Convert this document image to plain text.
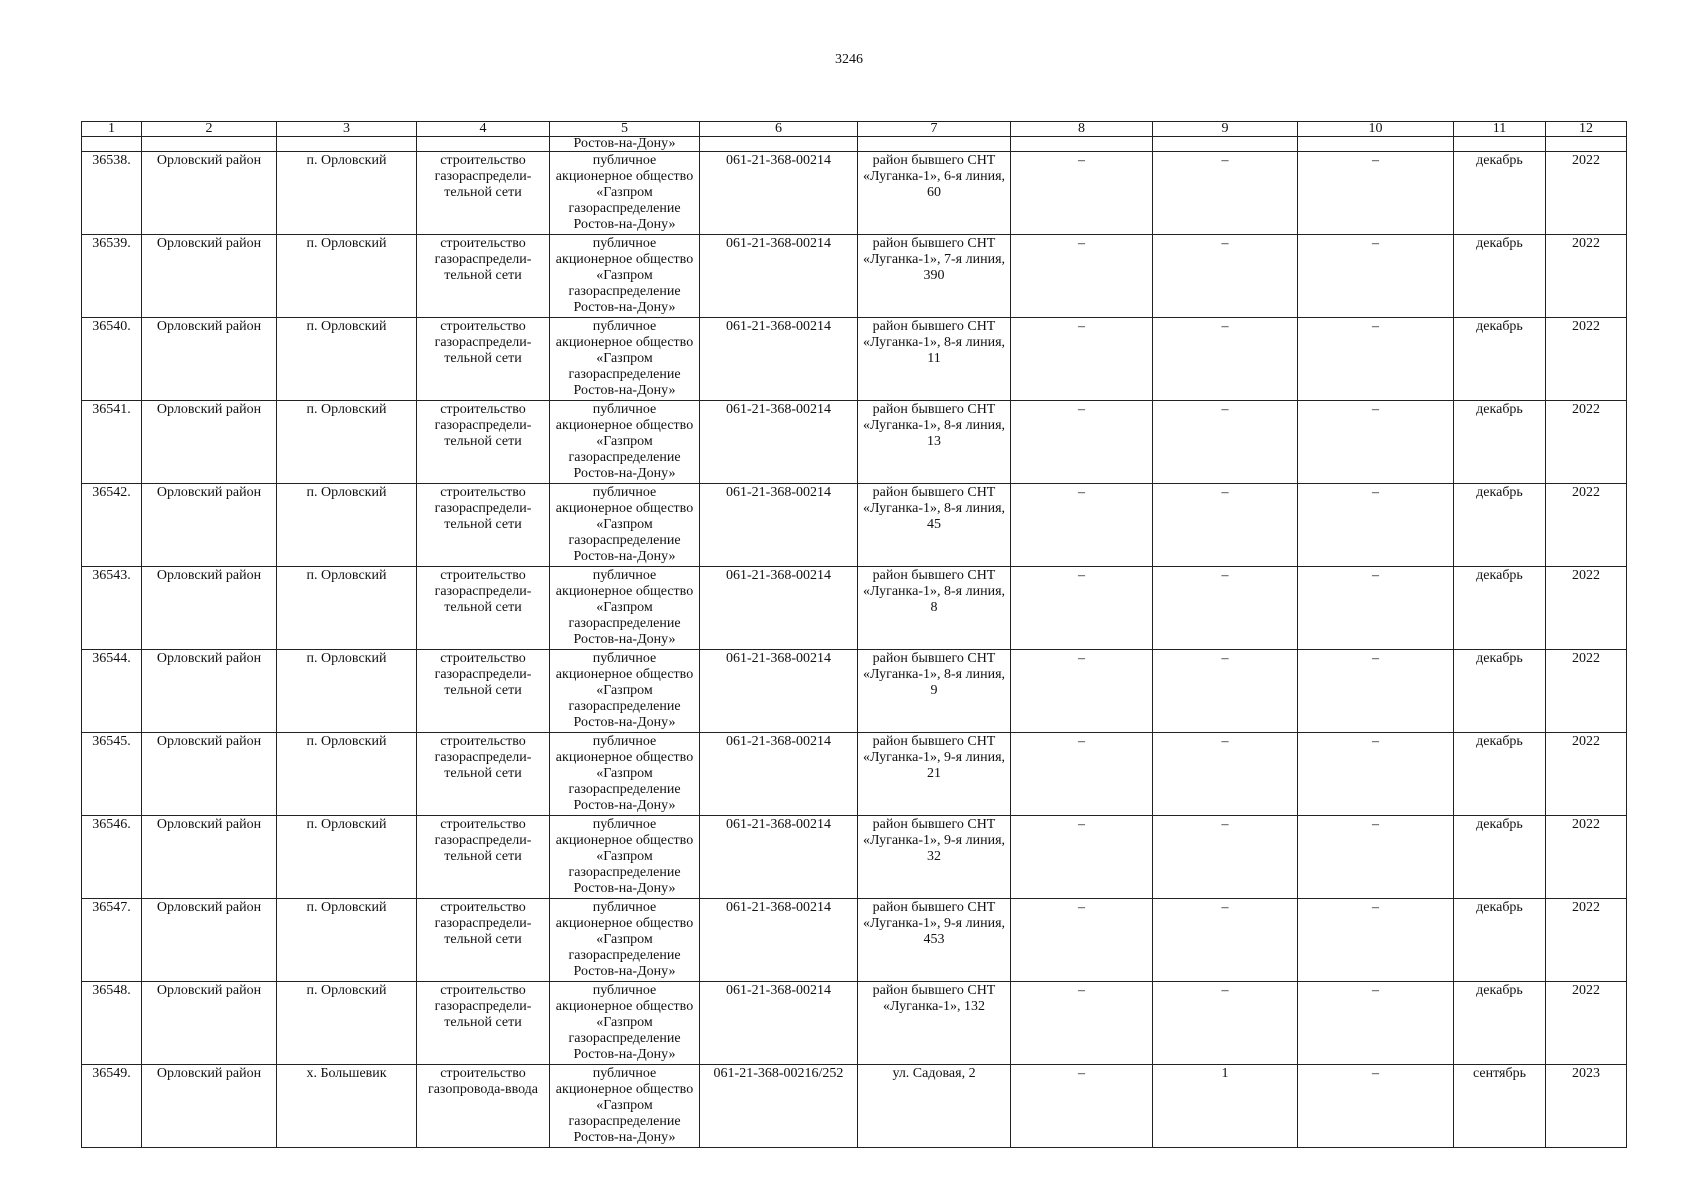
3246
1	2	3	4	5	6	7	8	9	10	11	12
				Ростов-на-Дону»							
36538.	Орловский район	п. Орловский	строительство газораспредели-тельной сети	публичное акционерное общество «Газпром газораспределение Ростов-на-Дону»	061-21-368-00214	район бывшего СНТ «Луганка-1», 6-я линия, 60	–	–	–	декабрь	2022
36539.	Орловский район	п. Орловский	строительство газораспредели-тельной сети	публичное акционерное общество «Газпром газораспределение Ростов-на-Дону»	061-21-368-00214	район бывшего СНТ «Луганка-1», 7-я линия, 390	–	–	–	декабрь	2022
36540.	Орловский район	п. Орловский	строительство газораспредели-тельной сети	публичное акционерное общество «Газпром газораспределение Ростов-на-Дону»	061-21-368-00214	район бывшего СНТ «Луганка-1», 8-я линия, 11	–	–	–	декабрь	2022
36541.	Орловский район	п. Орловский	строительство газораспредели-тельной сети	публичное акционерное общество «Газпром газораспределение Ростов-на-Дону»	061-21-368-00214	район бывшего СНТ «Луганка-1», 8-я линия, 13	–	–	–	декабрь	2022
36542.	Орловский район	п. Орловский	строительство газораспредели-тельной сети	публичное акционерное общество «Газпром газораспределение Ростов-на-Дону»	061-21-368-00214	район бывшего СНТ «Луганка-1», 8-я линия, 45	–	–	–	декабрь	2022
36543.	Орловский район	п. Орловский	строительство газораспредели-тельной сети	публичное акционерное общество «Газпром газораспределение Ростов-на-Дону»	061-21-368-00214	район бывшего СНТ «Луганка-1», 8-я линия, 8	–	–	–	декабрь	2022
36544.	Орловский район	п. Орловский	строительство газораспредели-тельной сети	публичное акционерное общество «Газпром газораспределение Ростов-на-Дону»	061-21-368-00214	район бывшего СНТ «Луганка-1», 8-я линия, 9	–	–	–	декабрь	2022
36545.	Орловский район	п. Орловский	строительство газораспредели-тельной сети	публичное акционерное общество «Газпром газораспределение Ростов-на-Дону»	061-21-368-00214	район бывшего СНТ «Луганка-1», 9-я линия, 21	–	–	–	декабрь	2022
36546.	Орловский район	п. Орловский	строительство газораспредели-тельной сети	публичное акционерное общество «Газпром газораспределение Ростов-на-Дону»	061-21-368-00214	район бывшего СНТ «Луганка-1», 9-я линия, 32	–	–	–	декабрь	2022
36547.	Орловский район	п. Орловский	строительство газораспредели-тельной сети	публичное акционерное общество «Газпром газораспределение Ростов-на-Дону»	061-21-368-00214	район бывшего СНТ «Луганка-1», 9-я линия, 453	–	–	–	декабрь	2022
36548.	Орловский район	п. Орловский	строительство газораспредели-тельной сети	публичное акционерное общество «Газпром газораспределение Ростов-на-Дону»	061-21-368-00214	район бывшего СНТ «Луганка-1», 132	–	–	–	декабрь	2022
36549.	Орловский район	х. Большевик	строительство газопровода-ввода	публичное акционерное общество «Газпром газораспределение Ростов-на-Дону»	061-21-368-00216/252	ул. Садовая, 2	–	1	–	сентябрь	2023
